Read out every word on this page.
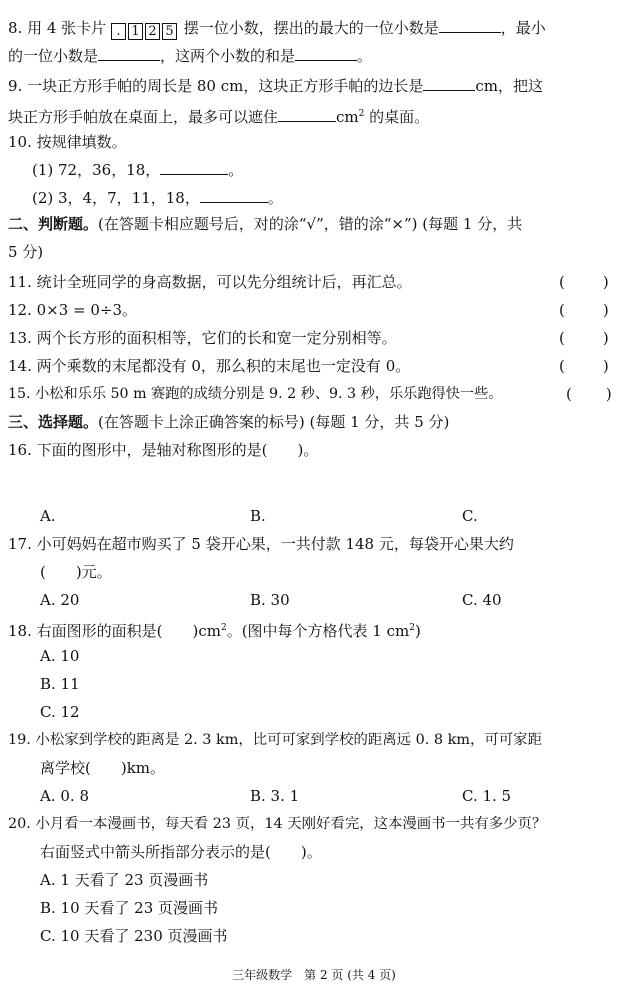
8. 用 4 张卡片 . 1 2 5 摆一位小数，摆出的最大的一位小数是	，最小
的一位小数是	，这两个小数的和是	。
9. 一块正方形手帕的周长是 80 cm，这块正方形手帕的边长是	cm，把这
块正方形手帕放在桌面上，最多可以遮住	$cm^2$ 的桌面。
10. 按规律填数。
(1) 72，36，18，	。
(2) 3，4，7，11，18，	。
二、判断题。(在答题卡相应题号后，对的涂“√”，错的涂“×”) (每题 1 分，共
5 分)
11. 统计全班同学的身高数据，可以先分组统计后，再汇总。	(	)
12. 0×3 = 0÷3。	(	)
13. 两个长方形的面积相等，它们的长和宽一定分别相等。	(	)
14. 两个乘数的末尾都没有 0，那么积的末尾也一定没有 0。	(	)
15. 小松和乐乐 50 m 赛跑的成绩分别是 9. 2 秒、9. 3 秒，乐乐跑得快一些。	( )
三、选择题。(在答题卡上涂正确答案的标号) (每题 1 分，共 5 分)
16. 下面的图形中，是轴对称图形的是(　　)。
A.	B.	C.
17. 小可妈妈在超市购买了 5 袋开心果，一共付款 148 元，每袋开心果大约
(　　)元。
A. 20	B. 30	C. 40
18. 右面图形的面积是(　　)$cm^2$。(图中每个方格代表 1 $cm^2$)
A. 10
B. 11
C. 12
19. 小松家到学校的距离是 2. 3 km，比可可家到学校的距离远 0. 8 km，可可家距
离学校(　　)km。
A. 0. 8	B. 3. 1	C. 1. 5
20. 小月看一本漫画书，每天看 23 页，14 天刚好看完，这本漫画书一共有多少页？
右面竖式中箭头所指部分表示的是(　　)。
A. 1 天看了 23 页漫画书
B. 10 天看了 23 页漫画书
C. 10 天看了 230 页漫画书
三年级数学　第 2 页 (共 4 页)
